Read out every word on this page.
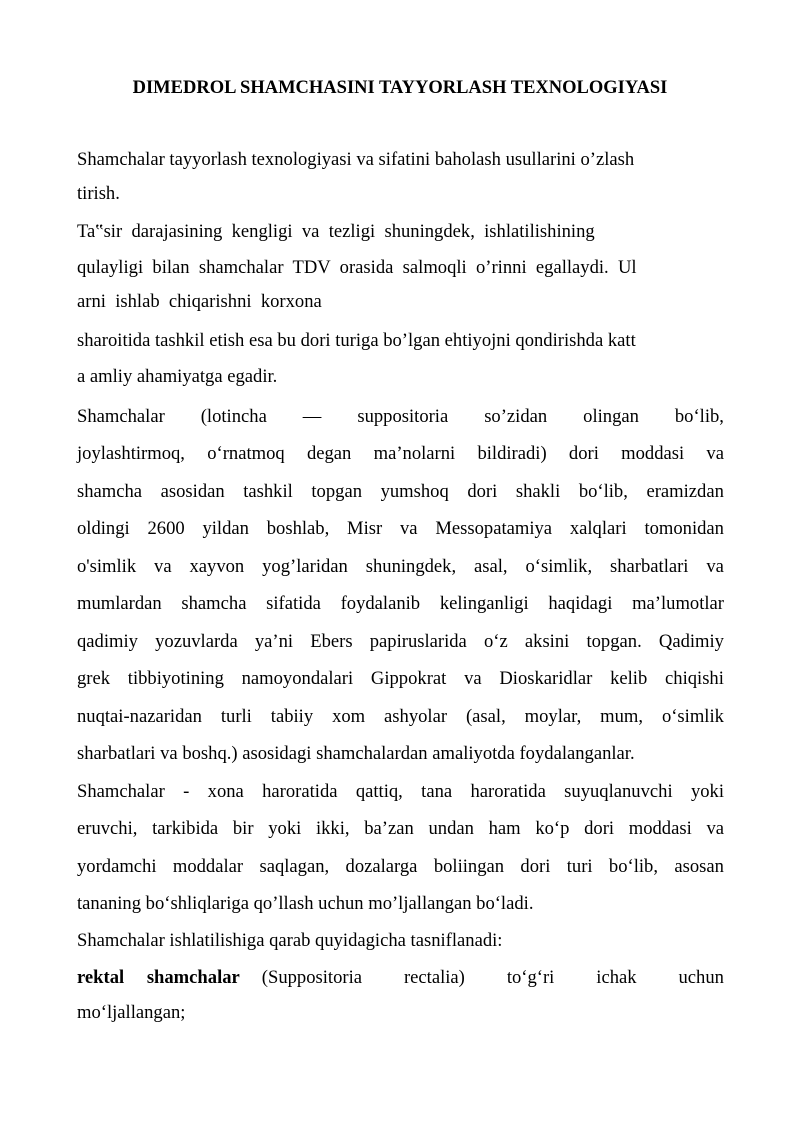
DIMEDROL SHAMCHASINI TAYYORLASH TEXNOLOGIYASI
Shamchalar tayyorlash texnologiyasi va sifatini baholash usullarini o’zlash
tirish.
Ta‟sir  darajasining  kengligi  va  tezligi  shuningdek,  ishlatilishining
qulayligi  bilan  shamchalar  TDV  orasida  salmoqli  o’rinni  egallaydi.  Ul
arni  ishlab  chiqarishni  korxona
sharoitida tashkil etish esa bu dori turiga bo’lgan ehtiyojni qondirishda katt
a amliy ahamiyatga egadir.
Shamchalar (lotincha — suppositoria so’zidan olingan bo‘lib,
joylashtirmoq, o‘rnatmoq degan ma’nolarni bildiradi) dori moddasi va
shamcha asosidan tashkil topgan yumshoq dori shakli bo‘lib, eramizdan
oldingi 2600 yildan boshlab, Misr va Messopatamiya xalqlari tomonidan
o'simlik va xayvon yog’laridan shuningdek, asal, o‘simlik, sharbatlari va
mumlardan shamcha sifatida foydalanib kelinganligi haqidagi ma’lumotlar
qadimiy yozuvlarda ya’ni Ebers papiruslarida o‘z aksini topgan. Qadimiy
grek tibbiyotining namoyondalari Gippokrat va Dioskaridlar kelib chiqishi
nuqtai-nazaridan turli tabiiy xom ashyolar (asal, moylar, mum, o‘simlik
sharbatlari va boshq.) asosidagi shamchalardan amaliyotda foydalanganlar.
Shamchalar - xona haroratida qattiq, tana haroratida suyuqlanuvchi yoki
eruvchi, tarkibida bir yoki ikki, ba’zan undan ham ko‘p dori moddasi va
yordamchi moddalar saqlagan, dozalarga boliingan dori turi bo‘lib, asosan
tananing bo‘shliqlariga qo’llash uchun mo’ljallangan bo‘ladi.
Shamchalar ishlatilishiga qarab quyidagicha tasniflanadi:
rektal shamchalar (Suppositoria rectalia) to‘g‘ri ichak uchun
mo‘ljallangan;
